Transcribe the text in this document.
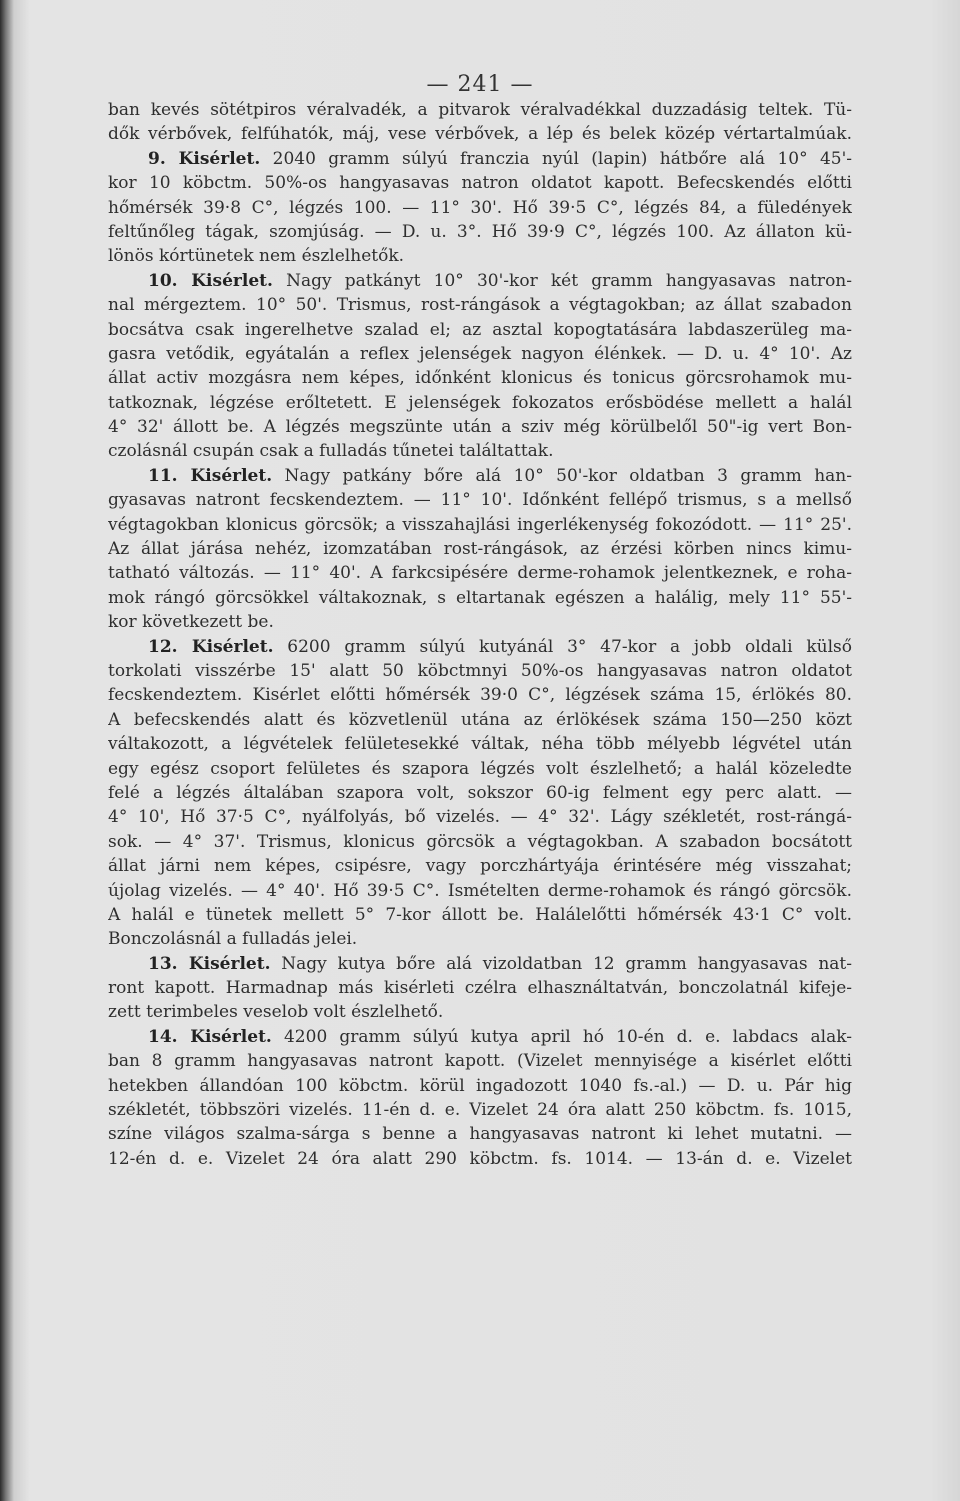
— 241 —
ban kevés sötétpiros véralvadék, a pitvarok véralvadékkal duzzadásig teltek. Tü-
dők vérbővek, felfúhatók, máj, vese vérbővek, a lép és belek közép vértartalmúak.
9. Kisérlet. 2040 gramm súlyú franczia nyúl (lapin) hátbőre alá 10° 45'-
kor 10 köbctm. 50%-os hangyasavas natron oldatot kapott. Befecskendés előtti
hőmérsék 39·8 C°, légzés 100. — 11° 30'. Hő 39·5 C°, légzés 84, a füledények
feltűnőleg tágak, szomjúság. — D. u. 3°. Hő 39·9 C°, légzés 100. Az állaton kü-
lönös kórtünetek nem észlelhetők.
10. Kisérlet. Nagy patkányt 10° 30'-kor két gramm hangyasavas natron-
nal mérgeztem. 10° 50'. Trismus, rost-rángások a végtagokban; az állat szabadon
bocsátva csak ingerelhetve szalad el; az asztal kopogtatására labdaszerüleg ma-
gasra vetődik, egyátalán a reflex jelenségek nagyon élénkek. — D. u. 4° 10'. Az
állat activ mozgásra nem képes, időnként klonicus és tonicus görcsrohamok mu-
tatkoznak, légzése erőltetett. E jelenségek fokozatos erősbödése mellett a halál
4° 32' állott be. A légzés megszünte után a sziv még körülbelől 50"-ig vert Bon-
czolásnál csupán csak a fulladás tűnetei találtattak.
11. Kisérlet. Nagy patkány bőre alá 10° 50'-kor oldatban 3 gramm han-
gyasavas natront fecskendeztem. — 11° 10'. Időnként fellépő trismus, s a mellső
végtagokban klonicus görcsök; a visszahajlási ingerlékenység fokozódott. — 11° 25'.
Az állat járása nehéz, izomzatában rost-rángások, az érzési körben nincs kimu-
tatható változás. — 11° 40'. A farkcsipésére derme-rohamok jelentkeznek, e roha-
mok rángó görcsökkel váltakoznak, s eltartanak egészen a halálig, mely 11° 55'-
kor következett be.
12. Kisérlet. 6200 gramm súlyú kutyánál 3° 47-kor a jobb oldali külső
torkolati visszérbe 15' alatt 50 köbctmnyi 50%-os hangyasavas natron oldatot
fecskendeztem. Kisérlet előtti hőmérsék 39·0 C°, légzések száma 15, érlökés 80.
A befecskendés alatt és közvetlenül utána az érlökések száma 150—250 közt
váltakozott, a légvételek felületesekké váltak, néha több mélyebb légvétel után
egy egész csoport felületes és szapora légzés volt észlelhető; a halál közeledte
felé a légzés általában szapora volt, sokszor 60-ig felment egy perc alatt. —
4° 10', Hő 37·5 C°, nyálfolyás, bő vizelés. — 4° 32'. Lágy székletét, rost-rángá-
sok. — 4° 37'. Trismus, klonicus görcsök a végtagokban. A szabadon bocsátott
állat járni nem képes, csipésre, vagy porczhártyája érintésére még visszahat;
újolag vizelés. — 4° 40'. Hő 39·5 C°. Ismételten derme-rohamok és rángó görcsök.
A halál e tünetek mellett 5° 7-kor állott be. Halálelőtti hőmérsék 43·1 C° volt.
Bonczolásnál a fulladás jelei.
13. Kisérlet. Nagy kutya bőre alá vizoldatban 12 gramm hangyasavas nat-
ront kapott. Harmadnap más kisérleti czélra elhasználtatván, bonczolatnál kifeje-
zett terimbeles veselob volt észlelhető.
14. Kisérlet. 4200 gramm súlyú kutya april hó 10-én d. e. labdacs alak-
ban 8 gramm hangyasavas natront kapott. (Vizelet mennyisége a kisérlet előtti
hetekben állandóan 100 köbctm. körül ingadozott 1040 fs.-al.) — D. u. Pár hig
székletét, többszöri vizelés. 11-én d. e. Vizelet 24 óra alatt 250 köbctm. fs. 1015,
színe világos szalma-sárga s benne a hangyasavas natront ki lehet mutatni. —
12-én d. e. Vizelet 24 óra alatt 290 köbctm. fs. 1014. — 13-án d. e. Vizelet
